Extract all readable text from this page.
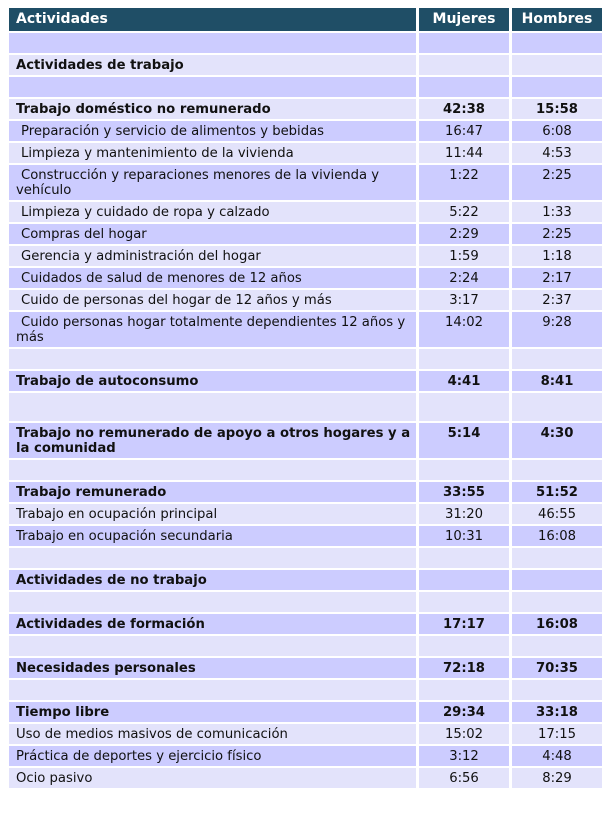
Actividades	Mujeres	Hombres

Actividades de trabajo		

Trabajo doméstico no remunerado	42:38	15:58
Preparación y servicio de alimentos y bebidas	16:47	6:08
Limpieza y mantenimiento de la vivienda	11:44	4:53
Construcción y reparaciones menores de la vivienda y vehículo	1:22	2:25
Limpieza y cuidado de ropa y calzado	5:22	1:33
Compras del hogar	2:29	2:25
Gerencia y administración del hogar	1:59	1:18
Cuidados de salud de menores de 12 años	2:24	2:17
Cuido de personas del hogar de 12 años y más	3:17	2:37
Cuido personas hogar totalmente dependientes 12 años y más	14:02	9:28

Trabajo de autoconsumo	4:41	8:41

Trabajo no remunerado de apoyo a otros hogares y a la comunidad	5:14	4:30

Trabajo remunerado	33:55	51:52
Trabajo en ocupación principal	31:20	46:55
Trabajo en ocupación secundaria	10:31	16:08

Actividades de no trabajo		

Actividades de formación	17:17	16:08

Necesidades personales	72:18	70:35

Tiempo libre	29:34	33:18
Uso de medios masivos de comunicación	15:02	17:15
Práctica de deportes y ejercicio físico	3:12	4:48
Ocio pasivo	6:56	8:29
